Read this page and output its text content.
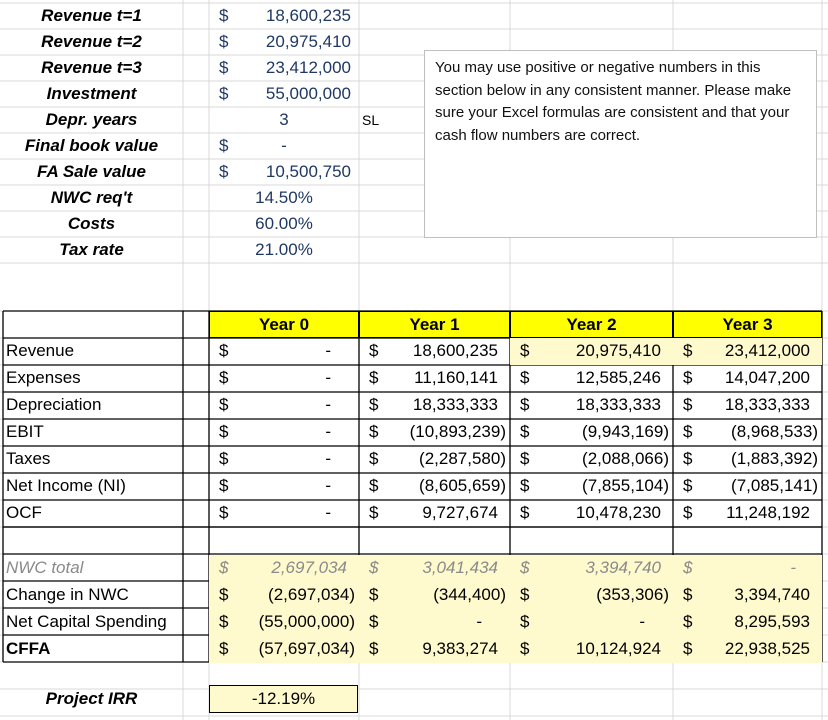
Revenue t=1	$	18,600,235
Revenue t=2	$	20,975,410
Revenue t=3	$	23,412,000
Investment	$	55,000,000
Depr. years	3	SL
Final book value	$	-
FA Sale value	$	10,500,750
NWC req't	14.50%
Costs	60.00%
Tax rate	21.00%
Year 0	Year 1	Year 2	Year 3
Revenue	$	- $	18,600,235 $	20,975,410 $	23,412,000
Expenses	$	- $	11,160,141 $	12,585,246 $	14,047,200
Depreciation	$	- $	18,333,333 $	18,333,333 $	18,333,333
EBIT	$	- $	(10,893,239) $	(9,943,169) $	(8,968,533)
Taxes	$	- $	(2,287,580) $	(2,088,066) $	(1,883,392)
Net Income (NI)	$	- $	(8,605,659) $	(7,855,104) $	(7,085,141)
OCF	$	- $	9,727,674 $	10,478,230 $	11,248,192
NWC total	$	2,697,034 $	3,041,434 $	3,394,740 $	-
Change in NWC	$	(2,697,034) $	(344,400) $	(353,306) $	3,394,740
Net Capital Spending	$	(55,000,000) $	- $	- $	8,295,593
CFFA	$	(57,697,034) $	9,383,274 $	10,124,924 $	22,938,525
You may use positive or negative numbers in this section below in any consistent manner. Please make sure your Excel formulas are consistent and that your cash flow numbers are correct.
Project IRR	-12.19%
